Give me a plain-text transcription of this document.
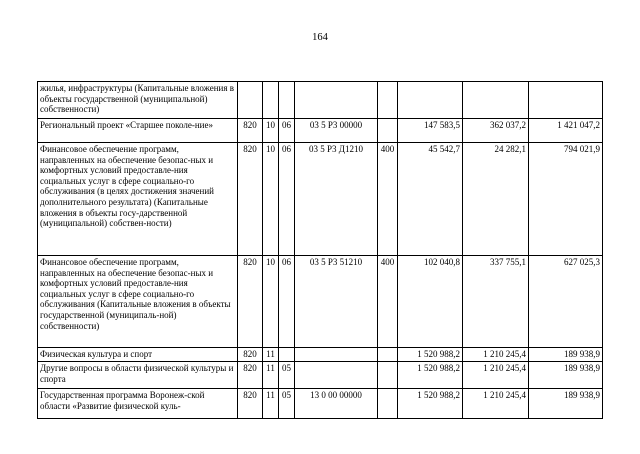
164
жилья, инфраструктуры (Капитальные вложения в объекты государственной (муниципальной) собственности)								
Региональный проект «Старшее поколе-ние»	820	10	06	03 5 P3 00000		147 583,5	362 037,2	1 421 047,2
Финансовое обеспечение программ, направленных на обеспечение безопас-ных и комфортных условий предоставле-ния социальных услуг в сфере социально-го обслуживания (в целях достижения значений дополнительного результата) (Капитальные вложения в объекты госу-дарственной (муниципальной) собствен-ности)	820	10	06	03 5 P3 Д1210	400	45 542,7	24 282,1	794 021,9
Финансовое обеспечение программ, направленных на обеспечение безопас-ных и комфортных условий предоставле-ния социальных услуг в сфере социально-го обслуживания (Капитальные вложения в объекты государственной (муниципаль-ной) собственности)	820	10	06	03 5 P3 51210	400	102 040,8	337 755,1	627 025,3
Физическая культура и спорт	820	11				1 520 988,2	1 210 245,4	189 938,9
Другие вопросы в области физической культуры и спорта	820	11	05			1 520 988,2	1 210 245,4	189 938,9
Государственная программа Воронеж-ской области «Развитие физической куль-	820	11	05	13 0 00 00000		1 520 988,2	1 210 245,4	189 938,9
